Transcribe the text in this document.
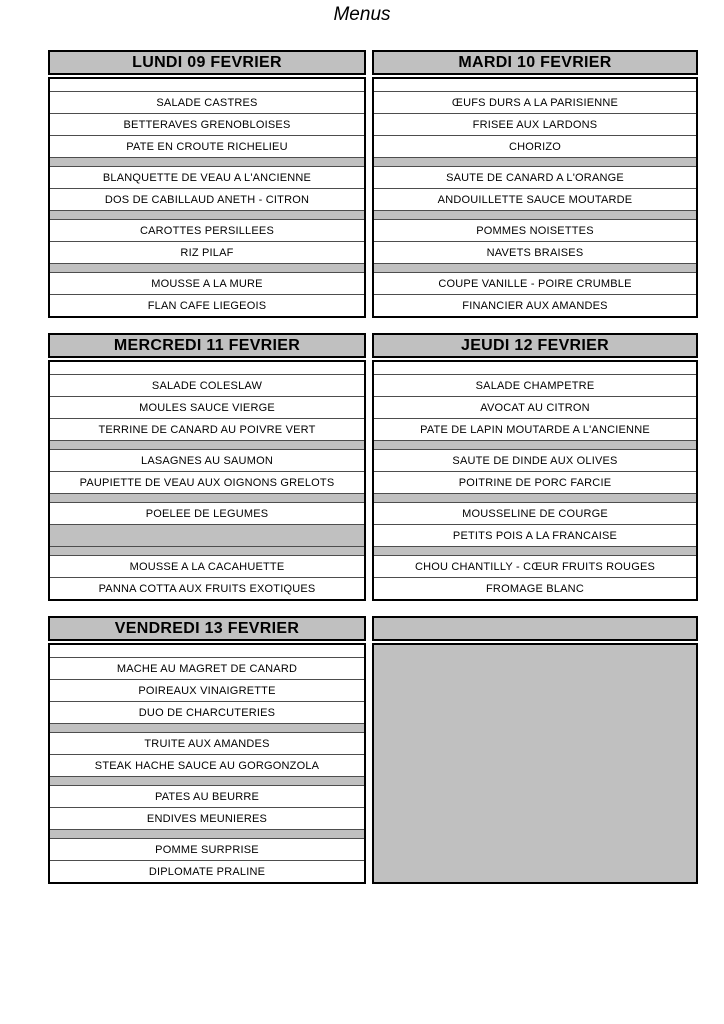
Menus
LUNDI 09 FEVRIER
SALADE CASTRES
BETTERAVES GRENOBLOISES
PATE EN CROUTE RICHELIEU
BLANQUETTE DE VEAU A L'ANCIENNE
DOS DE CABILLAUD ANETH - CITRON
CAROTTES PERSILLEES
RIZ PILAF
MOUSSE A LA MURE
FLAN CAFE LIEGEOIS
MARDI 10 FEVRIER
ŒUFS DURS A LA PARISIENNE
FRISEE AUX LARDONS
CHORIZO
SAUTE DE CANARD A L'ORANGE
ANDOUILLETTE SAUCE MOUTARDE
POMMES NOISETTES
NAVETS BRAISES
COUPE VANILLE - POIRE CRUMBLE
FINANCIER AUX AMANDES
MERCREDI 11 FEVRIER
SALADE COLESLAW
MOULES SAUCE VIERGE
TERRINE DE CANARD AU POIVRE VERT
LASAGNES AU SAUMON
PAUPIETTE DE VEAU AUX OIGNONS GRELOTS
POELEE DE LEGUMES
MOUSSE A LA CACAHUETTE
PANNA COTTA AUX FRUITS EXOTIQUES
JEUDI 12 FEVRIER
SALADE CHAMPETRE
AVOCAT AU CITRON
PATE DE LAPIN MOUTARDE A L'ANCIENNE
SAUTE DE DINDE AUX OLIVES
POITRINE DE PORC FARCIE
MOUSSELINE DE COURGE
PETITS POIS A LA FRANCAISE
CHOU CHANTILLY - CŒUR FRUITS ROUGES
FROMAGE BLANC
VENDREDI 13 FEVRIER
MACHE AU MAGRET DE CANARD
POIREAUX VINAIGRETTE
DUO DE CHARCUTERIES
TRUITE AUX AMANDES
STEAK HACHE SAUCE AU GORGONZOLA
PATES AU BEURRE
ENDIVES MEUNIERES
POMME SURPRISE
DIPLOMATE PRALINE
